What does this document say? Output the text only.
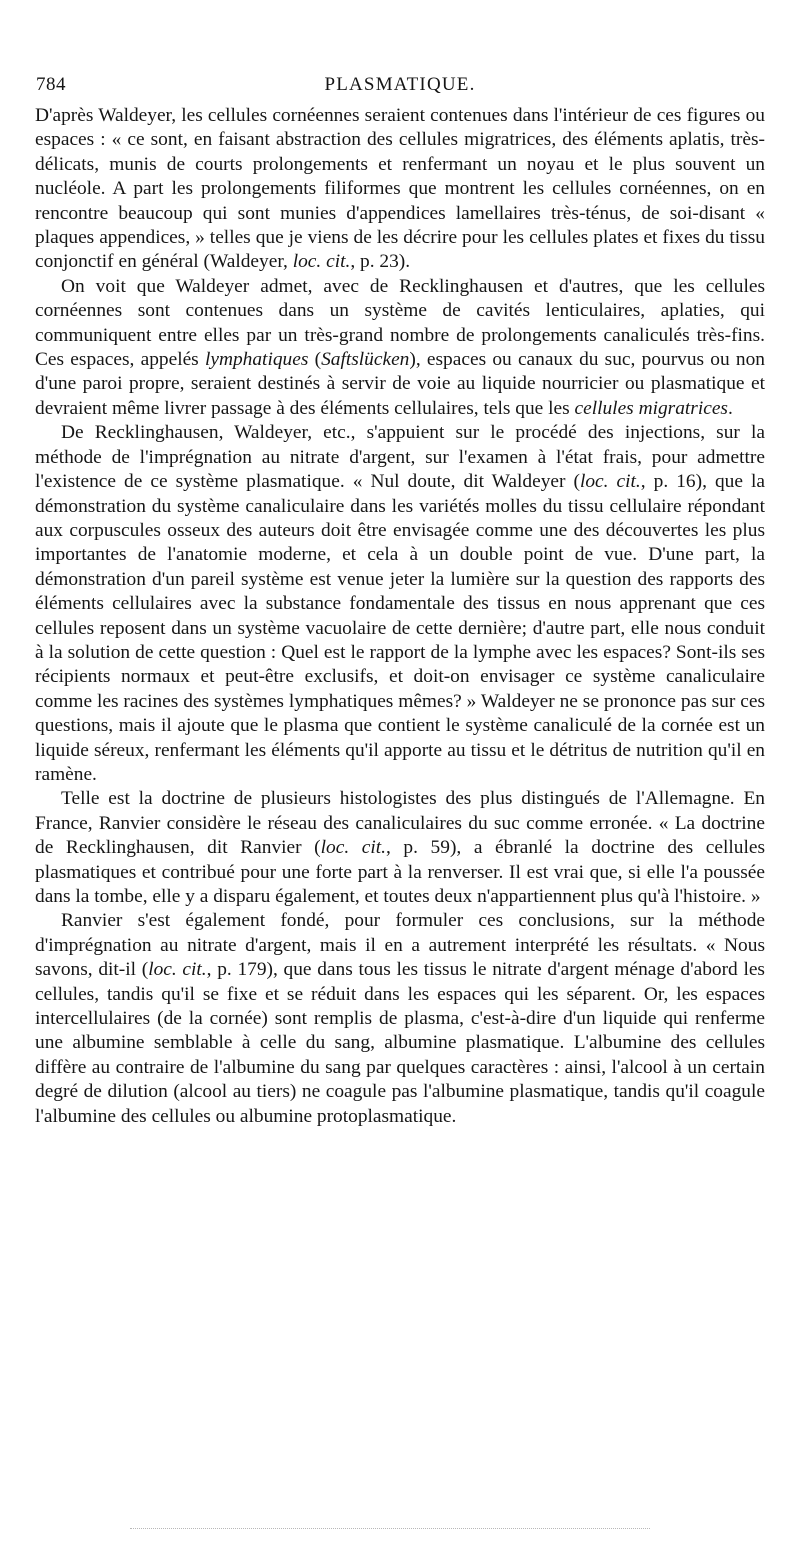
784	PLASMATIQUE.

D'après Waldeyer, les cellules cornéennes seraient contenues dans l'intérieur de ces figures ou espaces : « ce sont, en faisant abstraction des cellules migratrices, des éléments aplatis, très-délicats, munis de courts prolongements et renfermant un noyau et le plus souvent un nucléole. A part les prolongements filiformes que montrent les cellules cornéennes, on en rencontre beaucoup qui sont munies d'appendices lamellaires très-ténus, de soi-disant « plaques appendices, » telles que je viens de les décrire pour les cellules plates et fixes du tissu conjonctif en général (Waldeyer, loc. cit., p. 23).

On voit que Waldeyer admet, avec de Recklinghausen et d'autres, que les cellules cornéennes sont contenues dans un système de cavités lenticulaires, aplaties, qui communiquent entre elles par un très-grand nombre de prolongements canaliculés très-fins. Ces espaces, appelés lymphatiques (Saftslücken), espaces ou canaux du suc, pourvus ou non d'une paroi propre, seraient destinés à servir de voie au liquide nourricier ou plasmatique et devraient même livrer passage à des éléments cellulaires, tels que les cellules migratrices.

De Recklinghausen, Waldeyer, etc., s'appuient sur le procédé des injections, sur la méthode de l'imprégnation au nitrate d'argent, sur l'examen à l'état frais, pour admettre l'existence de ce système plasmatique. « Nul doute, dit Waldeyer (loc. cit., p. 16), que la démonstration du système canaliculaire dans les variétés molles du tissu cellulaire répondant aux corpuscules osseux des auteurs doit être envisagée comme une des découvertes les plus importantes de l'anatomie moderne, et cela à un double point de vue. D'une part, la démonstration d'un pareil système est venue jeter la lumière sur la question des rapports des éléments cellulaires avec la substance fondamentale des tissus en nous apprenant que ces cellules reposent dans un système vacuolaire de cette dernière; d'autre part, elle nous conduit à la solution de cette question : Quel est le rapport de la lymphe avec les espaces? Sont-ils ses récipients normaux et peut-être exclusifs, et doit-on envisager ce système canaliculaire comme les racines des systèmes lymphatiques mêmes? » Waldeyer ne se prononce pas sur ces questions, mais il ajoute que le plasma que contient le système canaliculé de la cornée est un liquide séreux, renfermant les éléments qu'il apporte au tissu et le détritus de nutrition qu'il en ramène.

Telle est la doctrine de plusieurs histologistes des plus distingués de l'Allemagne. En France, Ranvier considère le réseau des canaliculaires du suc comme erronée. « La doctrine de Recklinghausen, dit Ranvier (loc. cit., p. 59), a ébranlé la doctrine des cellules plasmatiques et contribué pour une forte part à la renverser. Il est vrai que, si elle l'a poussée dans la tombe, elle y a disparu également, et toutes deux n'appartiennent plus qu'à l'histoire. »

Ranvier s'est également fondé, pour formuler ces conclusions, sur la méthode d'imprégnation au nitrate d'argent, mais il en a autrement interprété les résultats. « Nous savons, dit-il (loc. cit., p. 179), que dans tous les tissus le nitrate d'argent ménage d'abord les cellules, tandis qu'il se fixe et se réduit dans les espaces qui les séparent. Or, les espaces intercellulaires (de la cornée) sont remplis de plasma, c'est-à-dire d'un liquide qui renferme une albumine semblable à celle du sang, albumine plasmatique. L'albumine des cellules diffère au contraire de l'albumine du sang par quelques caractères : ainsi, l'alcool à un certain degré de dilution (alcool au tiers) ne coagule pas l'albumine plasmatique, tandis qu'il coagule l'albumine des cellules ou albumine protoplasmatique.
